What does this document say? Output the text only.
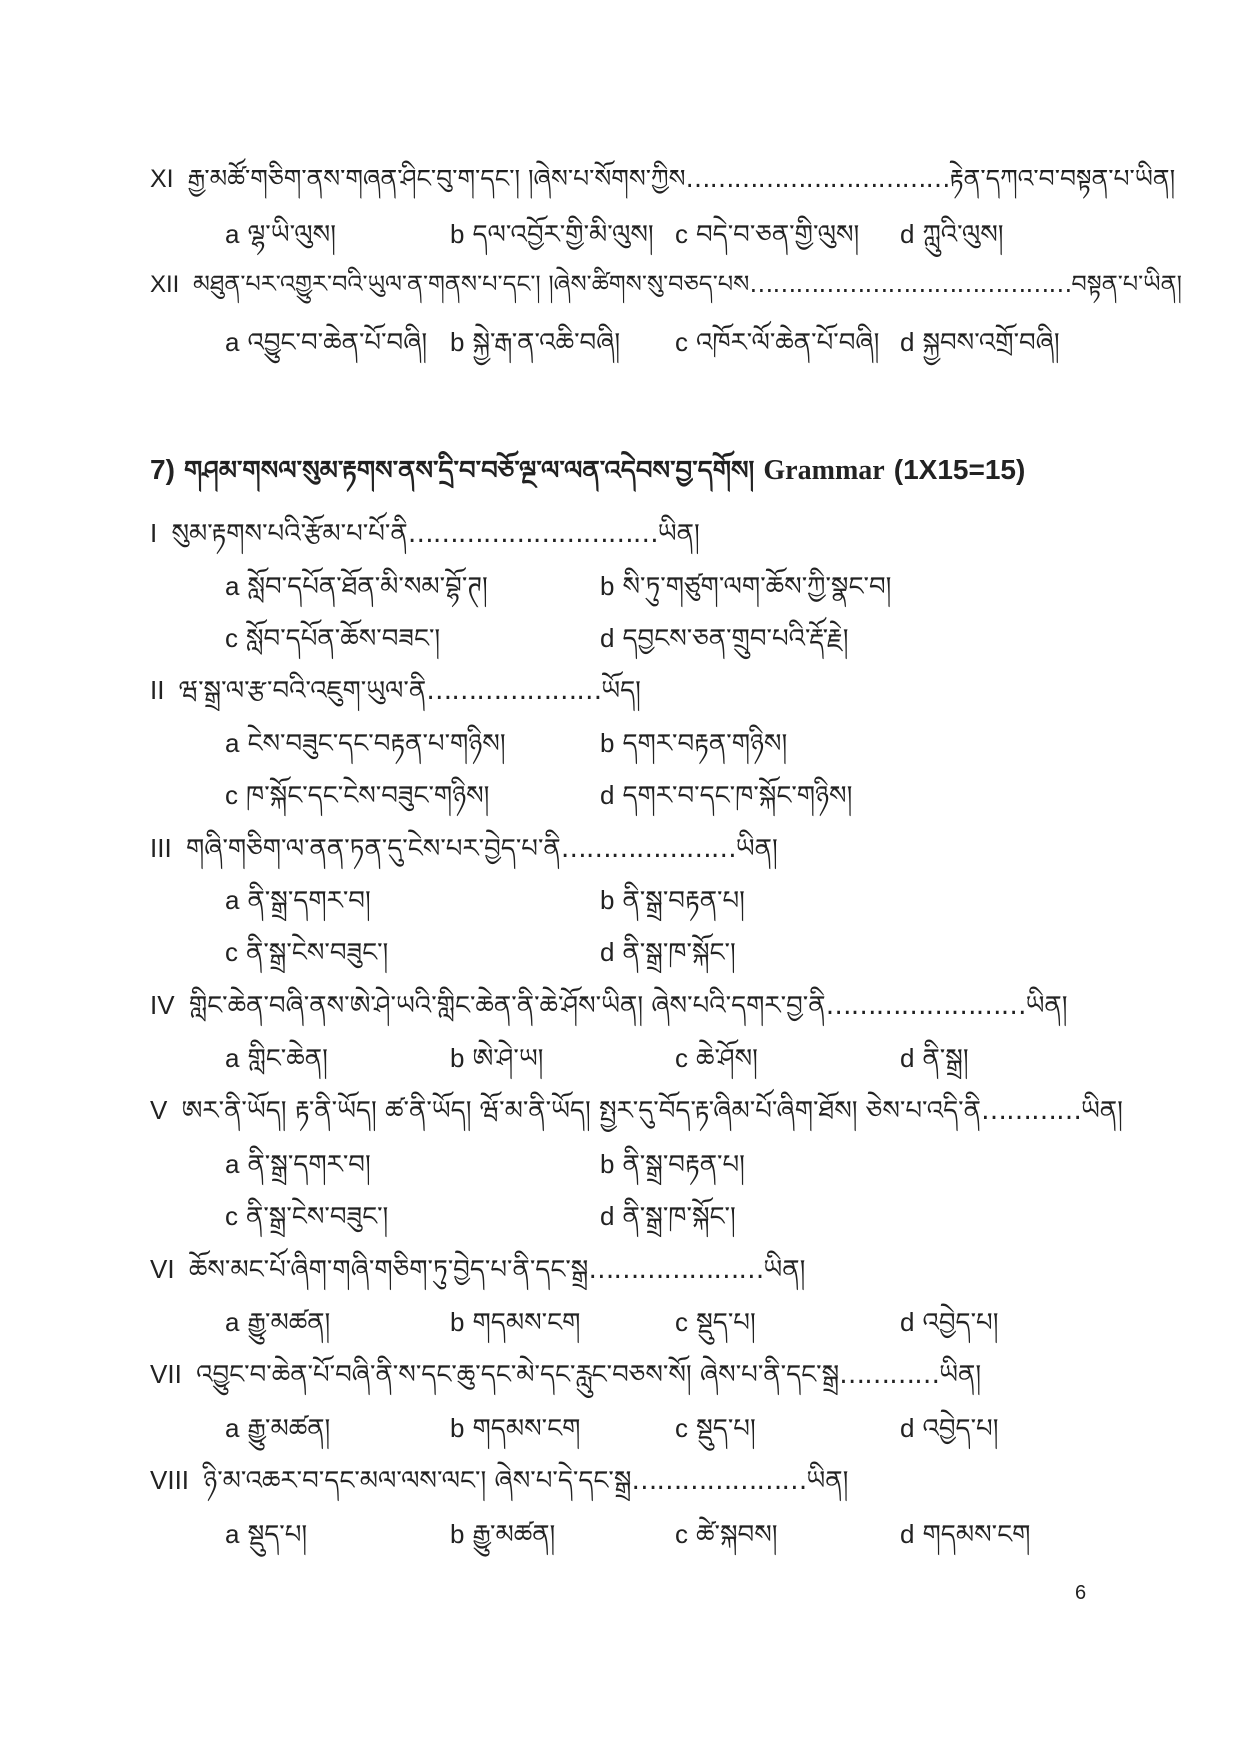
XI རྒྱ་མཚོ་གཅིག་ནས་གཞན་ཤིང་བུ་ག་དང་། །ཞེས་པ་སོགས་ཀྱིས……………………………རྟེན་དཀའ་བ་བསྟན་པ་ཡིན།
a ལྷ་ཡི་ལུས།	b དལ་འབྱོར་གྱི་མི་ལུས། c བདེ་བ་ཅན་གྱི་ལུས། d ཀླུའི་ལུས།
XII མཐུན་པར་འགྱུར་བའི་ཡུལ་ན་གནས་པ་དང་། །ཞེས་ཚིགས་སུ་བཅད་པས……………………………………བསྟན་པ་ཡིན།
a འབྱུང་བ་ཆེན་པོ་བཞི། b སྐྱེ་རྒ་ན་འཆི་བཞི། c འཁོར་ལོ་ཆེན་པོ་བཞི། d སྐྱབས་འགྲོ་བཞི།
7) གཤམ་གསལ་སུམ་རྟགས་ནས་དྲི་བ་བཅོ་ལྔ་ལ་ལན་འདེབས་བྱ་དགོས། Grammar (1X15=15)
I སུམ་རྟགས་པའི་རྩོམ་པ་པོ་ནི…………………………ཡིན།
a སློབ་དཔོན་ཐོན་མི་སམ་བྷོ་ཊ།	b སི་ཏུ་གཙུག་ལག་ཆོས་ཀྱི་སྣང་བ།
c སློབ་དཔོན་ཆོས་བཟང་།	d དབྱངས་ཅན་གྲུབ་པའི་རྡོ་རྗེ།
II ཝ་སྒྲ་ལ་རྩ་བའི་འཇུག་ཡུལ་ནི…………………ཡོད།
a ངེས་བཟུང་དང་བརྟན་པ་གཉིས།	b དགར་བརྟན་གཉིས།
c ཁ་སྐོང་དང་ངེས་བཟུང་གཉིས།	d དགར་བ་དང་ཁ་སྐོང་གཉིས།
III གཞི་གཅིག་ལ་ནན་ཏན་དུ་ངེས་པར་བྱེད་པ་ནི…………………ཡིན།
a ནི་སྒྲ་དགར་བ།	b ནི་སྒྲ་བརྟན་པ།
c ནི་སྒྲ་ངེས་བཟུང་།	d ནི་སྒྲ་ཁ་སྐོང་།
IV གླིང་ཆེན་བཞི་ནས་ཨེ་ཤེ་ཡའི་གླིང་ཆེན་ནི་ཆེ་ཤོས་ཡིན། ཞེས་པའི་དགར་བྱ་ནི……………………ཡིན།
a གླིང་ཆེན།	b ཨེ་ཤེ་ཡ།	c ཆེ་ཤོས།	d ནི་སྒྲ།
V ཨར་ནི་ཡོད། རྟ་ནི་ཡོད། ཚ་ནི་ཡོད། ཝོ་མ་ནི་ཡོད། སྤྱར་དུ་བོད་རྟ་ཞིམ་པོ་ཞིག་ཐོས། ཅེས་པ་འདི་ནི…………ཡིན།
a ནི་སྒྲ་དགར་བ།	b ནི་སྒྲ་བརྟན་པ།
c ནི་སྒྲ་ངེས་བཟུང་།	d ནི་སྒྲ་ཁ་སྐོང་།
VI ཆོས་མང་པོ་ཞིག་གཞི་གཅིག་ཏུ་བྱེད་པ་ནི་དང་སྒྲ…………………ཡིན།
a རྒྱུ་མཚན།	b གདམས་ངག	c སྡུད་པ།	d འབྱེད་པ།
VII འབྱུང་བ་ཆེན་པོ་བཞི་ནི་ས་དང་ཆུ་དང་མེ་དང་རླུང་བཅས་སོ། ཞེས་པ་ནི་དང་སྒྲ…………ཡིན།
a རྒྱུ་མཚན།	b གདམས་ངག	c སྡུད་པ།	d འབྱེད་པ།
VIII ཉི་མ་འཆར་བ་དང་མལ་ལས་ལང་། ཞེས་པ་དེ་དང་སྒྲ…………………ཡིན།
a སྡུད་པ།	b རྒྱུ་མཚན།	c ཚེ་སྐབས།	d གདམས་ངག
6
